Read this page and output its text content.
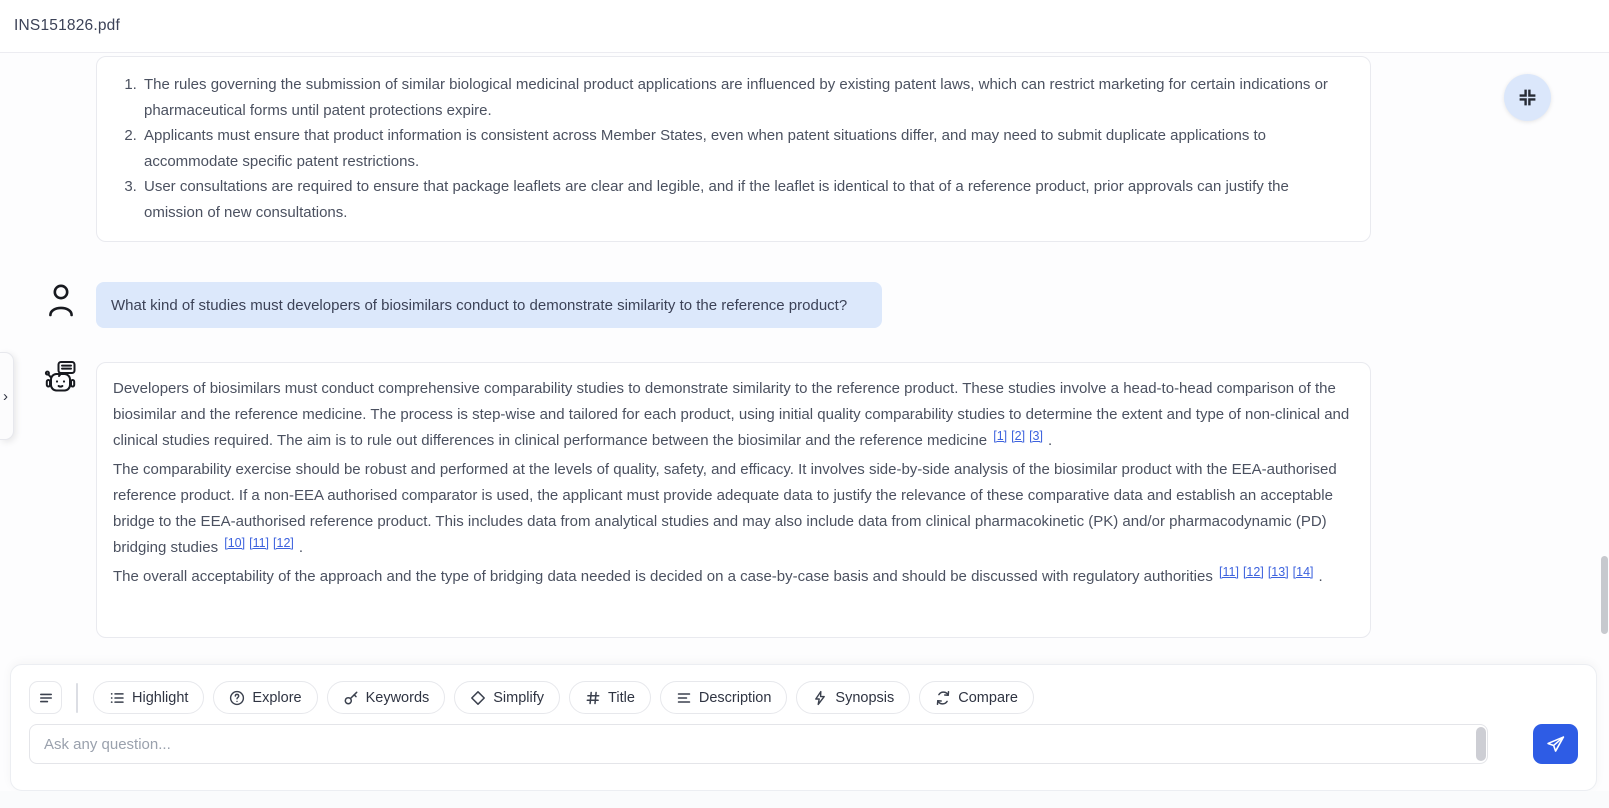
INS151826.pdf
1. The rules governing the submission of similar biological medicinal product applications are influenced by existing patent laws, which can restrict marketing for certain indications or pharmaceutical forms until patent protections expire.
2. Applicants must ensure that product information is consistent across Member States, even when patent situations differ, and may need to submit duplicate applications to accommodate specific patent restrictions.
3. User consultations are required to ensure that package leaflets are clear and legible, and if the leaflet is identical to that of a reference product, prior approvals can justify the omission of new consultations.
What kind of studies must developers of biosimilars conduct to demonstrate similarity to the reference product?

Developers of biosimilars must conduct comprehensive comparability studies to demonstrate similarity to the reference product. These studies involve a head-to-head comparison of the biosimilar and the reference medicine. The process is step-wise and tailored for each product, using initial quality comparability studies to determine the extent and type of non-clinical and clinical studies required. The aim is to rule out differences in clinical performance between the biosimilar and the reference medicine [1] [2] [3] .

The comparability exercise should be robust and performed at the levels of quality, safety, and efficacy. It involves side-by-side analysis of the biosimilar product with the EEA-authorised reference product. If a non-EEA authorised comparator is used, the applicant must provide adequate data to justify the relevance of these comparative data and establish an acceptable bridge to the EEA-authorised reference product. This includes data from analytical studies and may also include data from clinical pharmacokinetic (PK) and/or pharmacodynamic (PD) bridging studies [10] [11] [12] .

The overall acceptability of the approach and the type of bridging data needed is decided on a case-by-case basis and should be discussed with regulatory authorities [11] [12] [13] [14] .

›
Highlight	Explore	Keywords	Simplify	Title	Description	Synopsis	Compare
Ask any question...
